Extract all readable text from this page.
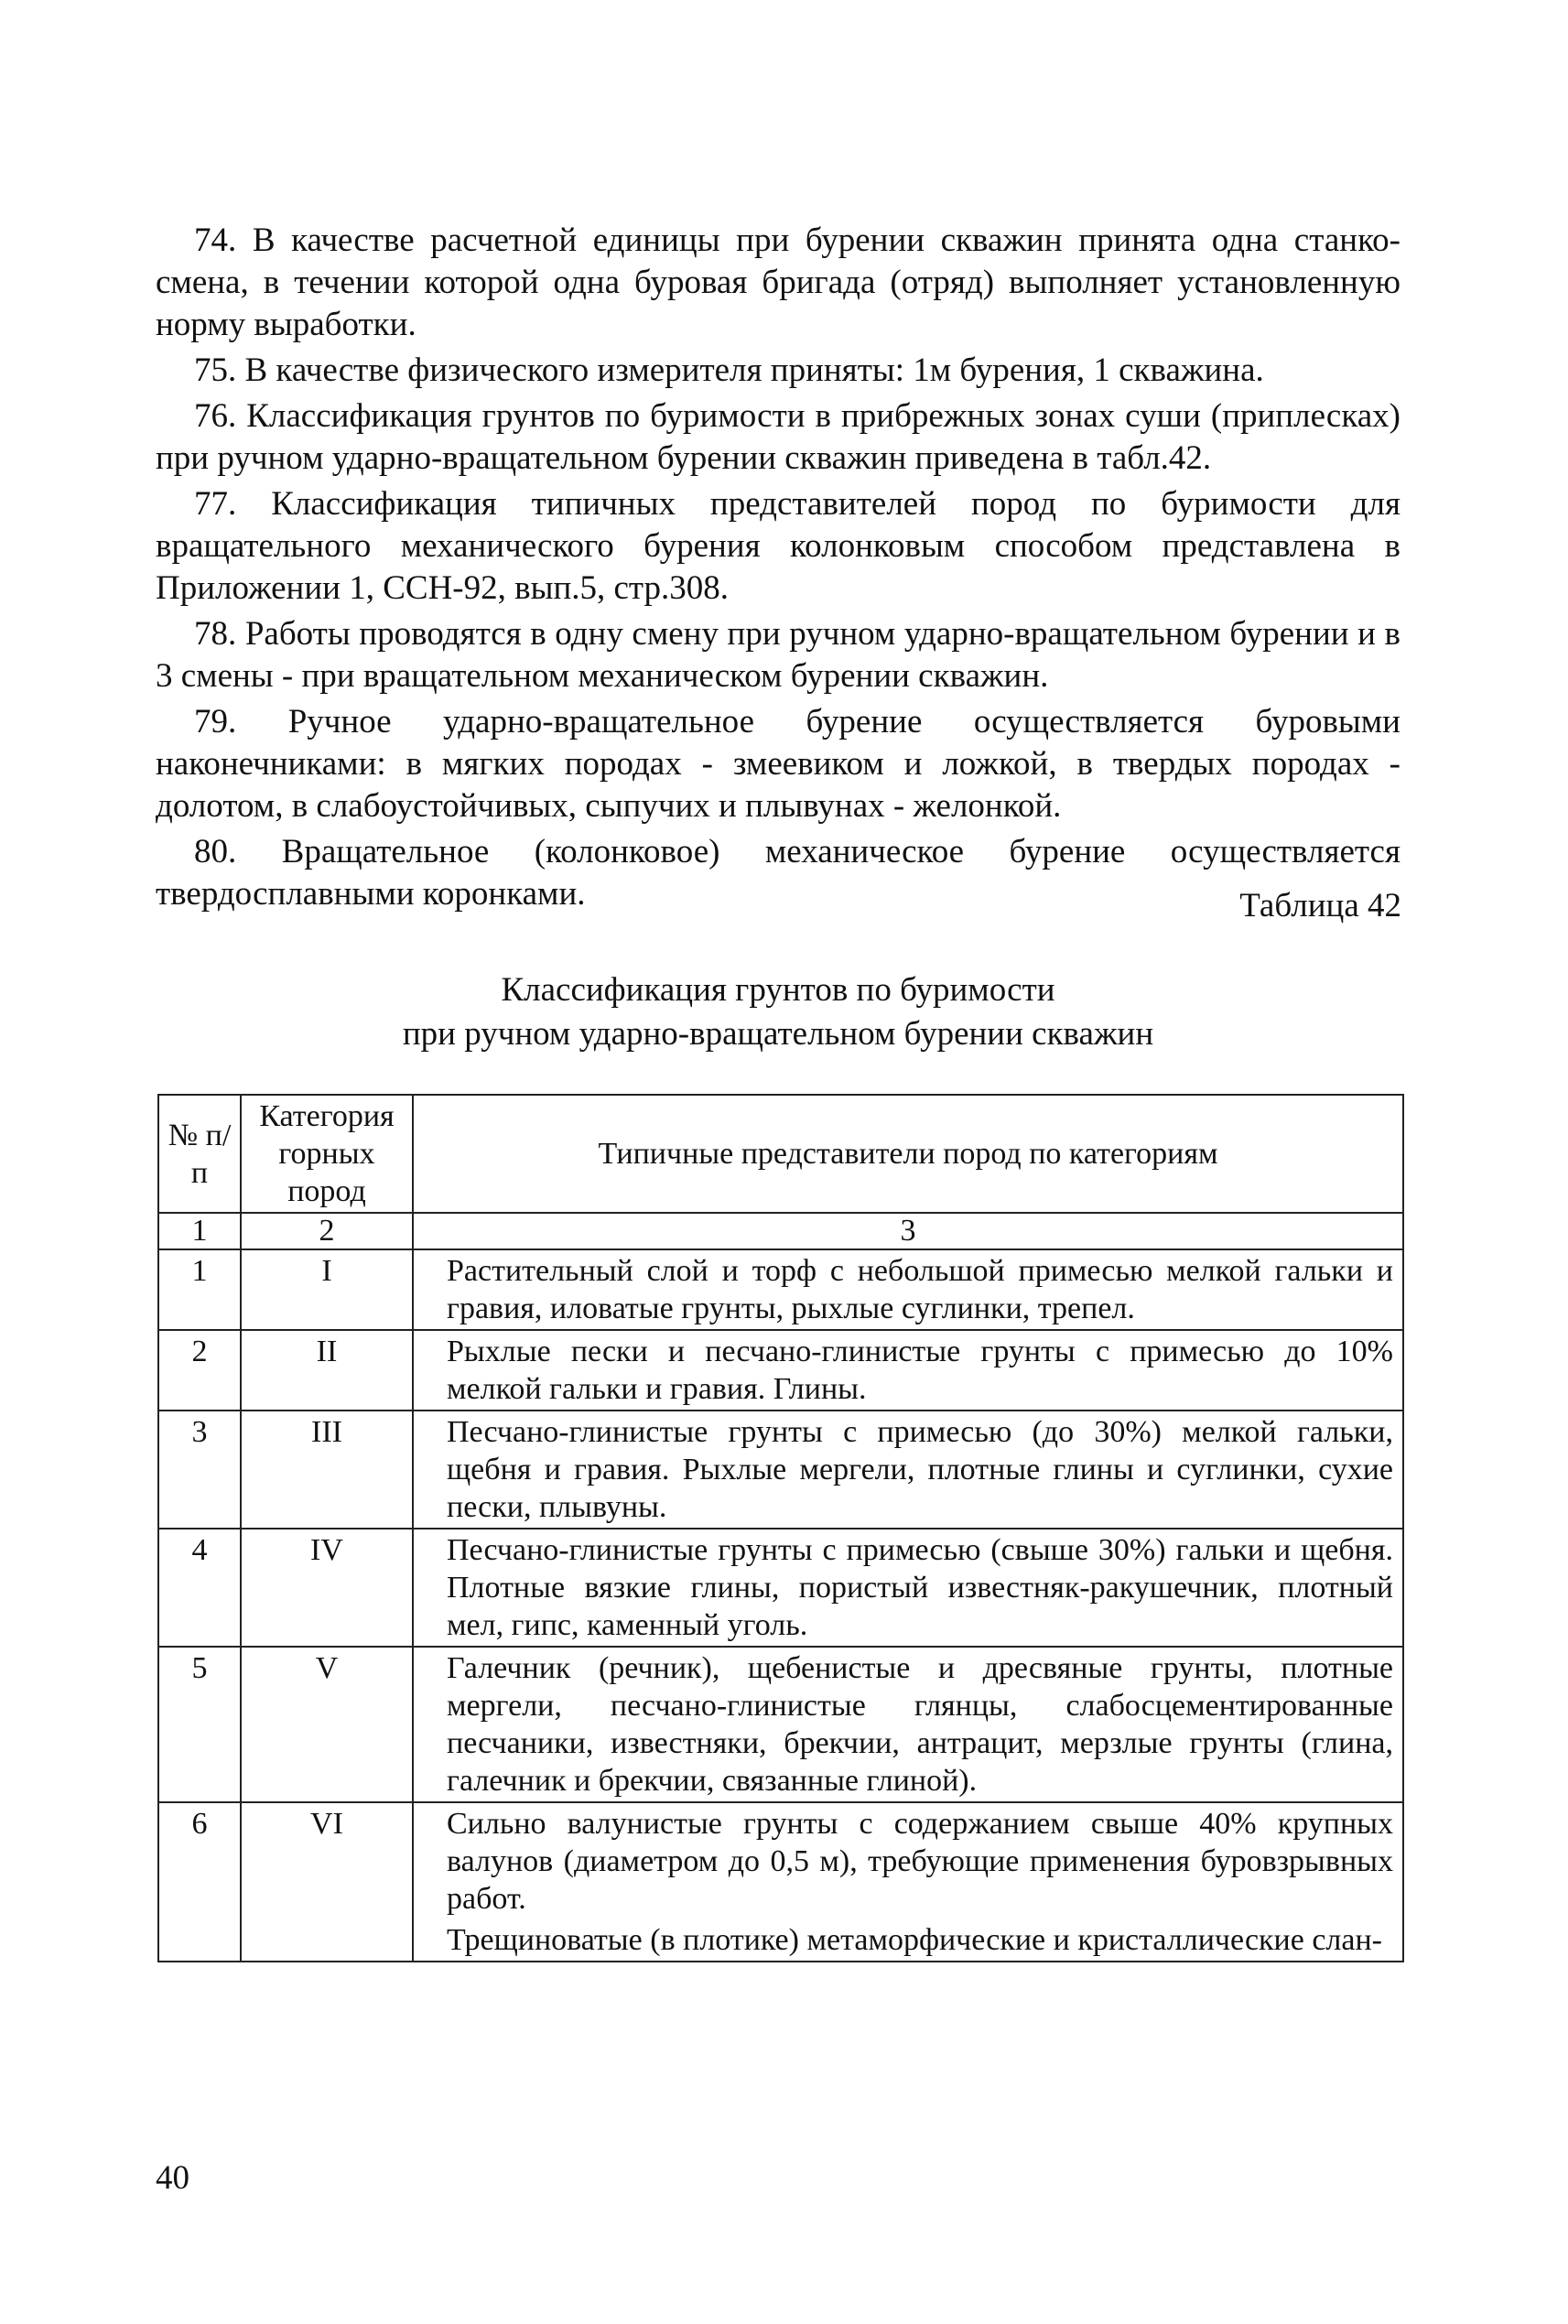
74. В качестве расчетной единицы при бурении скважин принята одна станко-смена, в течении которой одна буровая бригада (отряд) выполняет установленную норму выработки.

75. В качестве физического измерителя приняты: 1м бурения, 1 скважина.

76. Классификация грунтов по буримости в прибрежных зонах суши (приплесках) при ручном ударно-вращательном бурении скважин приведена в табл.42.

77. Классификация типичных представителей пород по буримости для вращательного механического бурения колонковым способом представлена в Приложении 1, ССН-92, вып.5, стр.308.

78. Работы проводятся в одну смену при ручном ударно-вращательном бурении и в 3 смены - при вращательном механическом бурении скважин.

79. Ручное ударно-вращательное бурение осуществляется буровыми наконечниками: в мягких породах - змеевиком и ложкой, в твердых породах - долотом, в слабоустойчивых, сыпучих и плывунах - желонкой.

80. Вращательное (колонковое) механическое бурение осуществляется твердосплавными коронками.	Таблица 42
Классификация грунтов по буримости
при ручном ударно-вращательном бурении скважин
№ п/п	Категория горных пород	Типичные представители пород по категориям
1	2	3
1	I	Растительный слой и торф с небольшой примесью мелкой гальки и гравия, иловатые грунты, рыхлые суглинки, трепел.
2	II	Рыхлые пески и песчано-глинистые грунты с примесью до 10% мелкой гальки и гравия. Глины.
3	III	Песчано-глинистые грунты с примесью (до 30%) мелкой гальки, щебня и гравия. Рыхлые мергели, плотные глины и суглинки, сухие пески, плывуны.
4	IV	Песчано-глинистые грунты с примесью (свыше 30%) гальки и щебня. Плотные вязкие глины, пористый известняк-ракушечник, плотный мел, гипс, каменный уголь.
5	V	Галечник (речник), щебенистые и дресвяные грунты, плотные мергели, песчано-глинистые глянцы, слабосцементированные песчаники, известняки, брекчии, антрацит, мерзлые грунты (глина, галечник и брекчии, связанные глиной).
6	VI	Сильно валунистые грунты с содержанием свыше 40% крупных валунов (диаметром до 0,5 м), требующие применения буровзрывных работ.
Трещиноватые (в плотике) метаморфические и кристаллические слан-
40
